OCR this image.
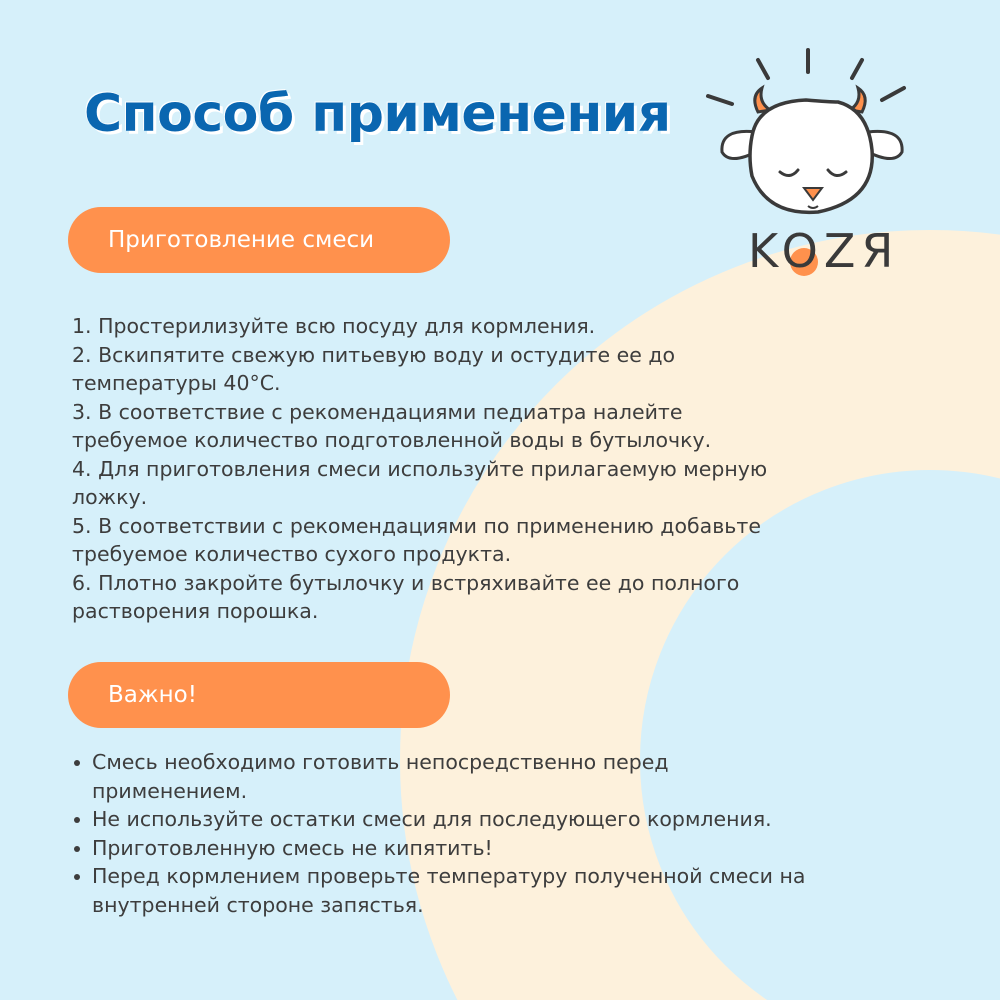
Способ применения
Приготовление смеси
1. Простерилизуйте всю посуду для кормления.
2. Вскипятите свежую питьевую воду и остудите ее до температуры 40°С.
3. В соответствие с рекомендациями педиатра налейте требуемое количество подготовленной воды в бутылочку.
4. Для приготовления смеси используйте прилагаемую мерную ложку.
5. В соответствии с рекомендациями по применению добавьте требуемое количество сухого продукта.
6. Плотно закройте бутылочку и встряхивайте ее до полного растворения порошка.
Важно!
Смесь необходимо готовить непосредственно перед применением.
Не используйте остатки смеси для последующего кормления.
Приготовленную смесь не кипятить!
Перед кормлением проверьте температуру полученной смеси на внутренней стороне запястья.
KOZЯ
